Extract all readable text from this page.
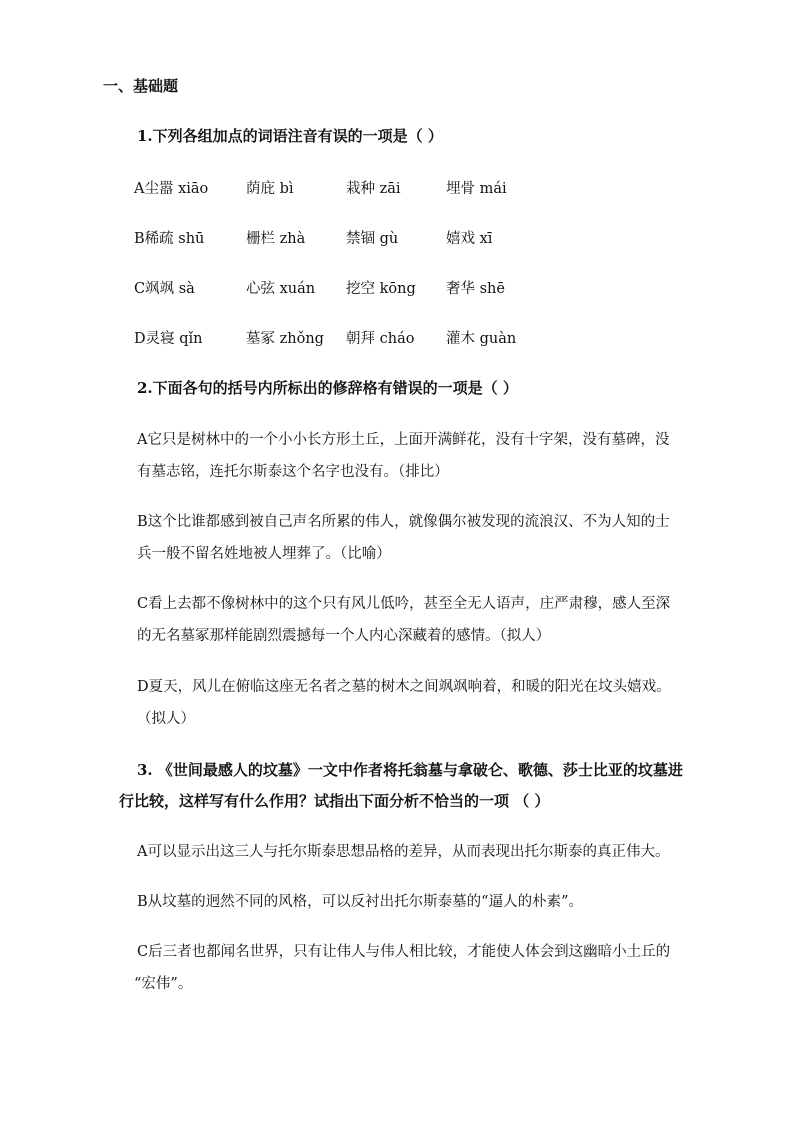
一、基础题
1.下列各组加点的词语注音有误的一项是（ ）
A尘嚣 xiāo	荫庇 bì	栽种 zāi	埋骨 mái
B稀疏 shū	栅栏 zhà	禁锢 gù	嬉戏 xī
C飒飒 sà	心弦 xuán 挖空 kōng 奢华 shē
D灵寝 qǐn	墓冢 zhǒng 朝拜 cháo 灌木 guàn
2.下面各句的括号内所标出的修辞格有错误的一项是（ ）
A它只是树林中的一个小小长方形土丘，上面开满鲜花，没有十字架，没有墓碑，没
有墓志铭，连托尔斯泰这个名字也没有。（排比）
B这个比谁都感到被自己声名所累的伟人，就像偶尔被发现的流浪汉、不为人知的士
兵一般不留名姓地被人埋葬了。（比喻）
C看上去都不像树林中的这个只有风儿低吟，甚至全无人语声，庄严肃穆，感人至深
的无名墓冢那样能剧烈震撼每一个人内心深藏着的感情。（拟人）
D夏天，风儿在俯临这座无名者之墓的树木之间飒飒响着，和暖的阳光在坟头嬉戏。
（拟人）
3. 《世间最感人的坟墓》一文中作者将托翁墓与拿破仑、歌德、莎士比亚的坟墓进
行比较，这样写有什么作用？试指出下面分析不恰当的一项 （ ）
A可以显示出这三人与托尔斯泰思想品格的差异，从而表现出托尔斯泰的真正伟大。
B从坟墓的迥然不同的风格，可以反衬出托尔斯泰墓的“逼人的朴素”。
C后三者也都闻名世界，只有让伟人与伟人相比较，才能使人体会到这幽暗小土丘的
“宏伟”。
